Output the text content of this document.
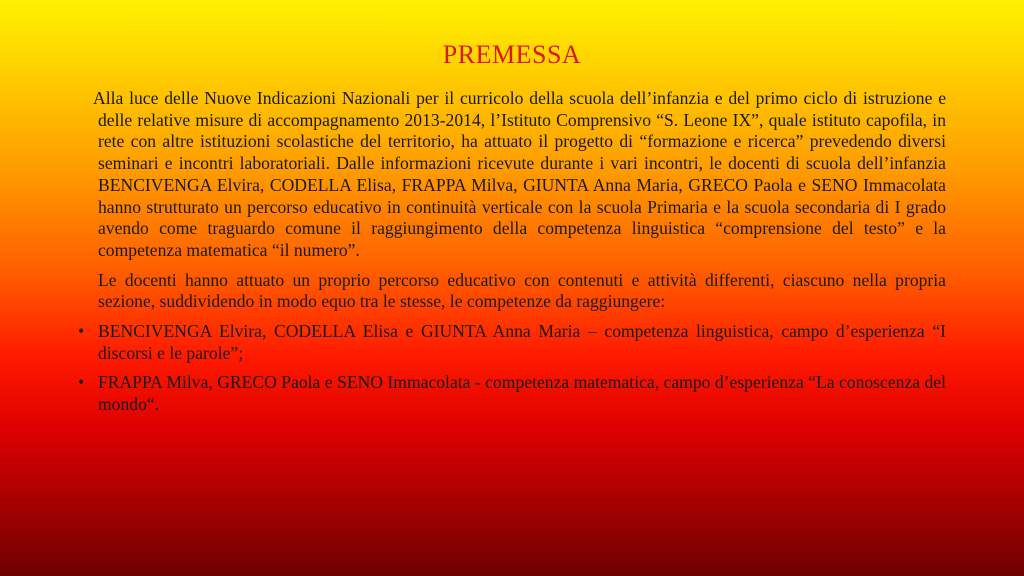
PREMESSA

Alla luce delle Nuove Indicazioni Nazionali per il curricolo della scuola dell’infanzia e del primo ciclo di istruzione e delle relative misure di accompagnamento 2013-2014, l’Istituto Comprensivo “S. Leone IX”, quale istituto capofila, in rete con altre istituzioni scolastiche del territorio, ha attuato il progetto di “formazione e ricerca” prevedendo diversi seminari e incontri laboratoriali. Dalle informazioni ricevute durante i vari incontri, le docenti di scuola dell’infanzia BENCIVENGA Elvira, CODELLA Elisa, FRAPPA Milva, GIUNTA Anna Maria, GRECO Paola e SENO Immacolata hanno strutturato un percorso educativo in continuità verticale con la scuola Primaria e la scuola secondaria di I grado avendo come traguardo comune il raggiungimento della competenza linguistica “comprensione del testo” e la competenza matematica “il numero”.

Le docenti hanno attuato un proprio percorso educativo con contenuti e attività differenti, ciascuno nella propria sezione, suddividendo in modo equo tra le stesse, le competenze da raggiungere:

• BENCIVENGA Elvira, CODELLA Elisa e GIUNTA Anna Maria – competenza linguistica, campo d’esperienza “I discorsi e le parole”;
• FRAPPA Milva, GRECO Paola e SENO Immacolata - competenza matematica, campo d’esperienza “La conoscenza del mondo“.
